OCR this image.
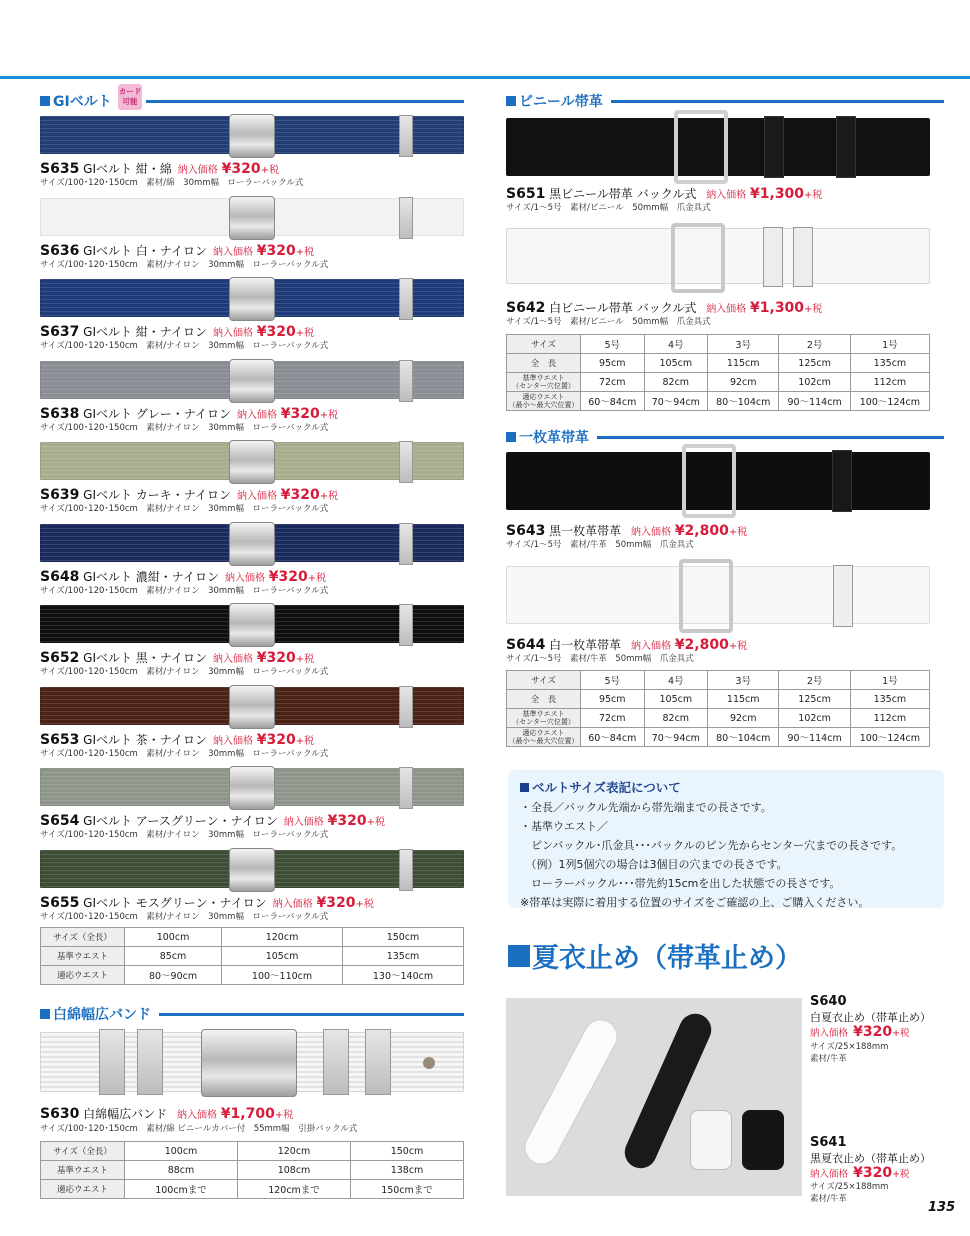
GIベルト
カード
可能
S635 GIベルト 紺・綿 納入価格 ¥320+税
サイズ/100･120･150cm　素材/綿　30mm幅　ローラーバックル式
S636 GIベルト 白・ナイロン 納入価格 ¥320+税
サイズ/100･120･150cm　素材/ナイロン　30mm幅　ローラーバックル式
S637 GIベルト 紺・ナイロン 納入価格 ¥320+税
サイズ/100･120･150cm　素材/ナイロン　30mm幅　ローラーバックル式
S638 GIベルト グレー・ナイロン 納入価格 ¥320+税
サイズ/100･120･150cm　素材/ナイロン　30mm幅　ローラーバックル式
S639 GIベルト カーキ・ナイロン 納入価格 ¥320+税
サイズ/100･120･150cm　素材/ナイロン　30mm幅　ローラーバックル式
S648 GIベルト 濃紺・ナイロン 納入価格 ¥320+税
サイズ/100･120･150cm　素材/ナイロン　30mm幅　ローラーバックル式
S652 GIベルト 黒・ナイロン 納入価格 ¥320+税
サイズ/100･120･150cm　素材/ナイロン　30mm幅　ローラーバックル式
S653 GIベルト 茶・ナイロン 納入価格 ¥320+税
サイズ/100･120･150cm　素材/ナイロン　30mm幅　ローラーバックル式
S654 GIベルト アースグリーン・ナイロン 納入価格 ¥320+税
サイズ/100･120･150cm　素材/ナイロン　30mm幅　ローラーバックル式
S655 GIベルト モスグリーン・ナイロン 納入価格 ¥320+税
サイズ/100･120･150cm　素材/ナイロン　30mm幅　ローラーバックル式
サイズ（全長）	100cm	120cm	150cm
基準ウエスト	85cm	105cm	135cm
適応ウエスト	80〜90cm	100〜110cm	130〜140cm
白綿幅広バンド
S630 白綿幅広バンド 納入価格 ¥1,700+税
サイズ/100･120･150cm　素材/綿 ビニールカバー付　55mm幅　引掛バックル式
サイズ（全長）	100cm	120cm	150cm
基準ウエスト	88cm	108cm	138cm
適応ウエスト	100cmまで	120cmまで	150cmまで
ビニール帯革
S651 黒ビニール帯革 バックル式 納入価格 ¥1,300+税
サイズ/1〜5号　素材/ビニール　50mm幅　爪金具式
S642 白ビニール帯革 バックル式 納入価格 ¥1,300+税
サイズ/1〜5号　素材/ビニール　50mm幅　爪金具式
サイズ	5号	4号	3号	2号	1号
全　長	95cm	105cm	115cm	125cm	135cm

基準ウエスト
（センター穴位置）	72cm	82cm	92cm	102cm	112cm

適応ウエスト
（最小〜最大穴位置）	60〜84cm	70〜94cm	80〜104cm	90〜114cm	100〜124cm
一枚革帯革
S643 黒一枚革帯革 納入価格 ¥2,800+税
サイズ/1〜5号　素材/牛革　50mm幅　爪金具式
S644 白一枚革帯革 納入価格 ¥2,800+税
サイズ/1〜5号　素材/牛革　50mm幅　爪金具式
サイズ	5号	4号	3号	2号	1号
全　長	95cm	105cm	115cm	125cm	135cm

基準ウエスト
（センター穴位置）	72cm	82cm	92cm	102cm	112cm

適応ウエスト
（最小〜最大穴位置）	60〜84cm	70〜94cm	80〜104cm	90〜114cm	100〜124cm
ベルトサイズ表記について
・全長／バックル先端から帯先端までの長さです。
・基準ウエスト／
　ピンバックル･爪金具･･･バックルのピン先からセンター穴までの長さです。
　（例）1列5個穴の場合は3個目の穴までの長さです。
　ローラーバックル･･･帯先約15cmを出した状態での長さです。
※帯革は実際に着用する位置のサイズをご確認の上、ご購入ください。
夏衣止め（帯革止め）
S640
白夏衣止め（帯革止め）
納入価格 ¥320+税
サイズ/25×188mm
素材/牛革
S641
黒夏衣止め（帯革止め）
納入価格 ¥320+税
サイズ/25×188mm
素材/牛革
135
